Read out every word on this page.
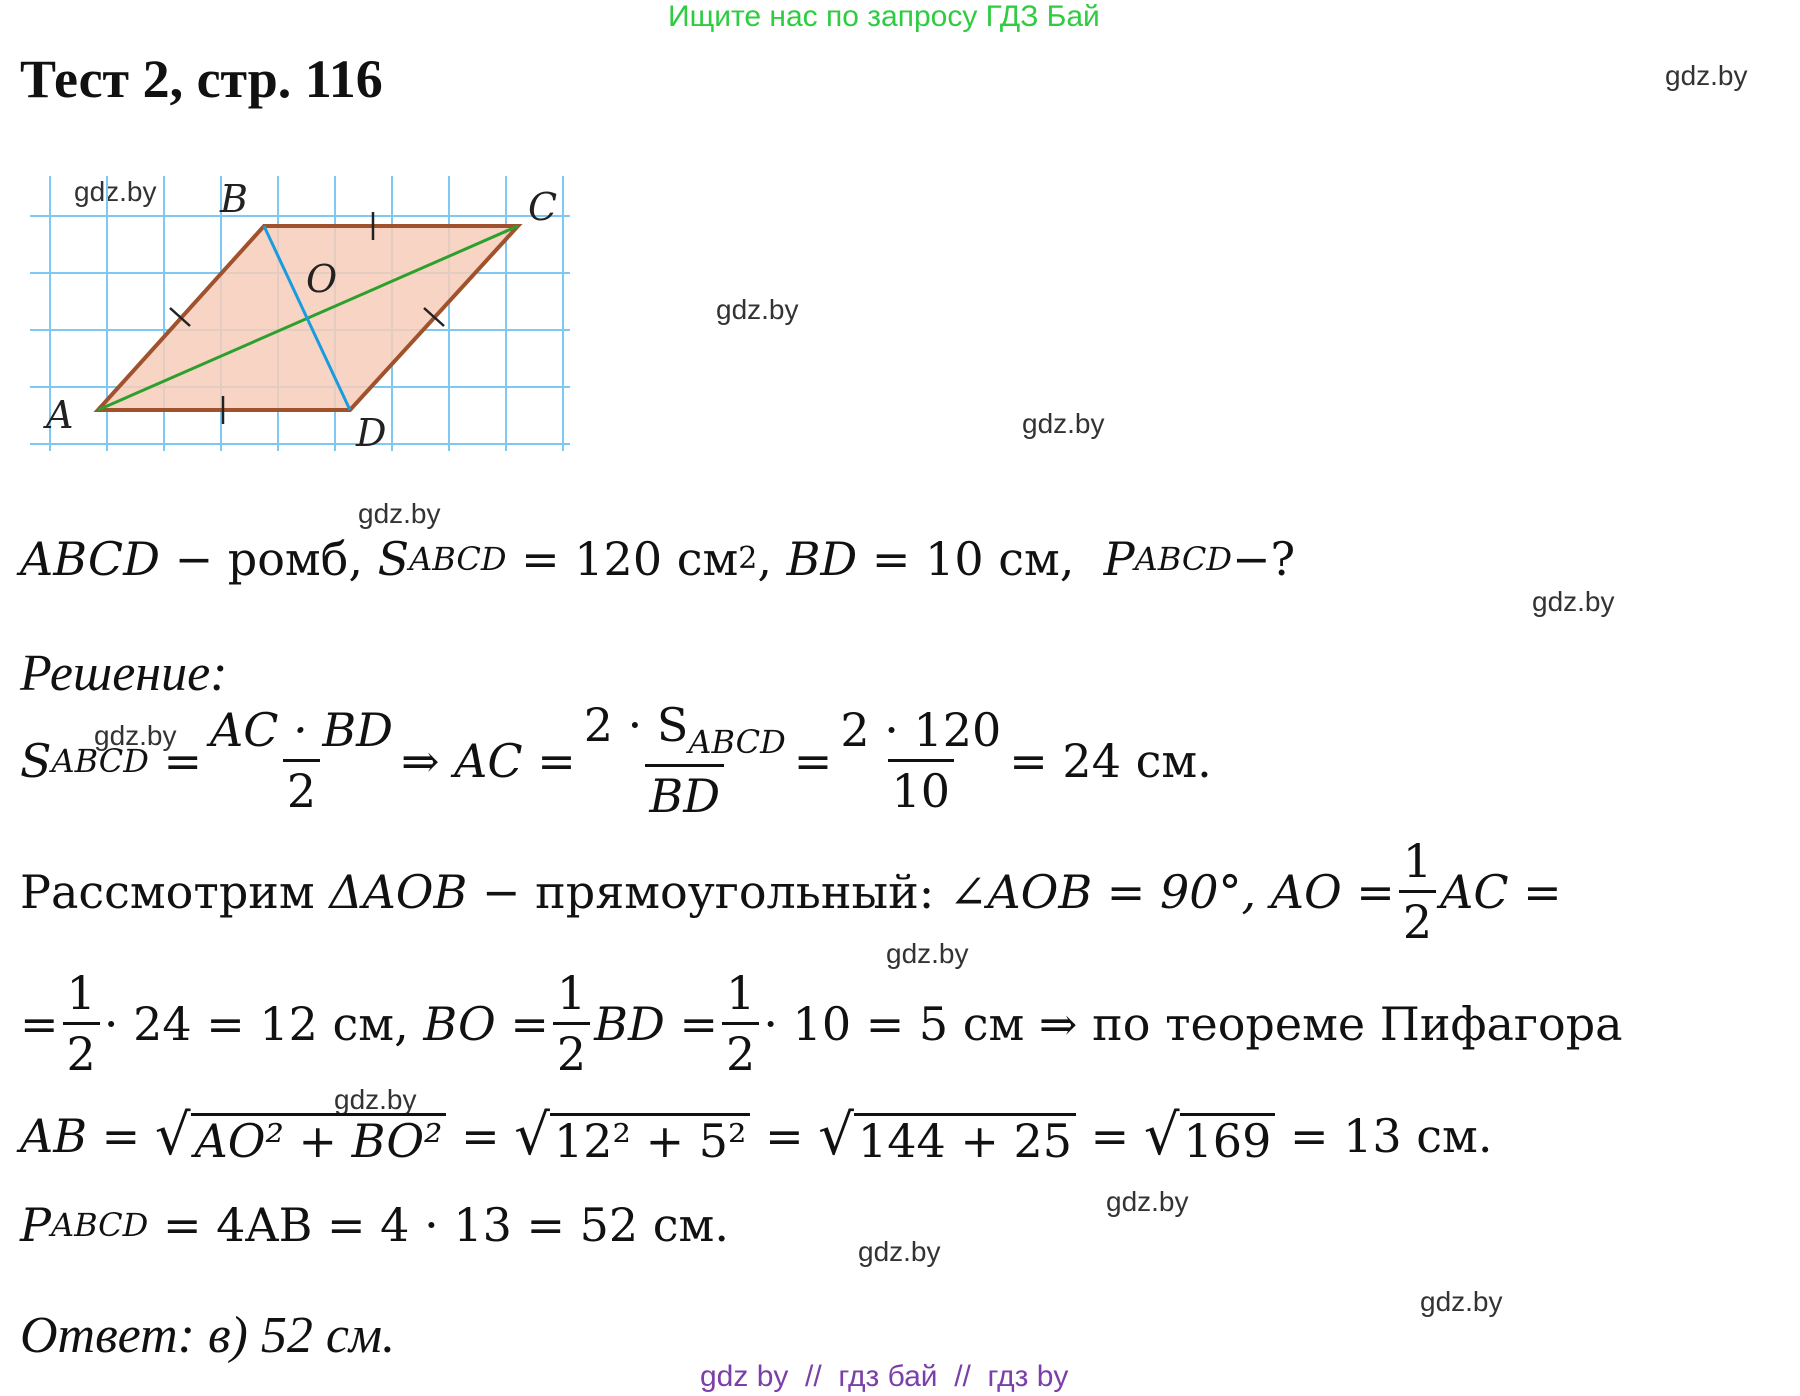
Ищите нас по запросу ГДЗ Бай
Тест 2, стр. 116	gdz.by
gdz.by
gdz.by
gdz.by
gdz.by
gdz.by
gdz.by
gdz.by
gdz.by
gdz.by
gdz.by
gdz.by
B	C
A	D
O
ABCD
− ромб,
S ABCD
= 120 см 2 ,
BD
= 10 см,
P ABCD −?
Решение:
S ABCD
= $\frac{AC \cdot BD}{2}$ ⇒ AC = $\frac{2 \cdot S_{ABCD}}{BD} = \frac{2 \cdot 120}{10} = 24$ см.
Рассмотрим ΔAOB − прямоугольный: ∠AOB = 90°, AO = $\frac{1}{2}$ AC =
= $\frac{1}{2} \cdot 24 = 12$ см,
BO = $\frac{1}{2}$ BD = $\frac{1}{2} \cdot 10 = 5$ см ⇒ по теореме Пифагора
AB =
√ AO² + BO²
=
√ 12² + 5²
=
√ 144 + 25
=
√ 169
= 13 см.
P ABCD
= 4AB = 4 · 13 = 52 см.
Ответ: в) 52 см.
gdz by  //  гдз бай  //  гдз by
